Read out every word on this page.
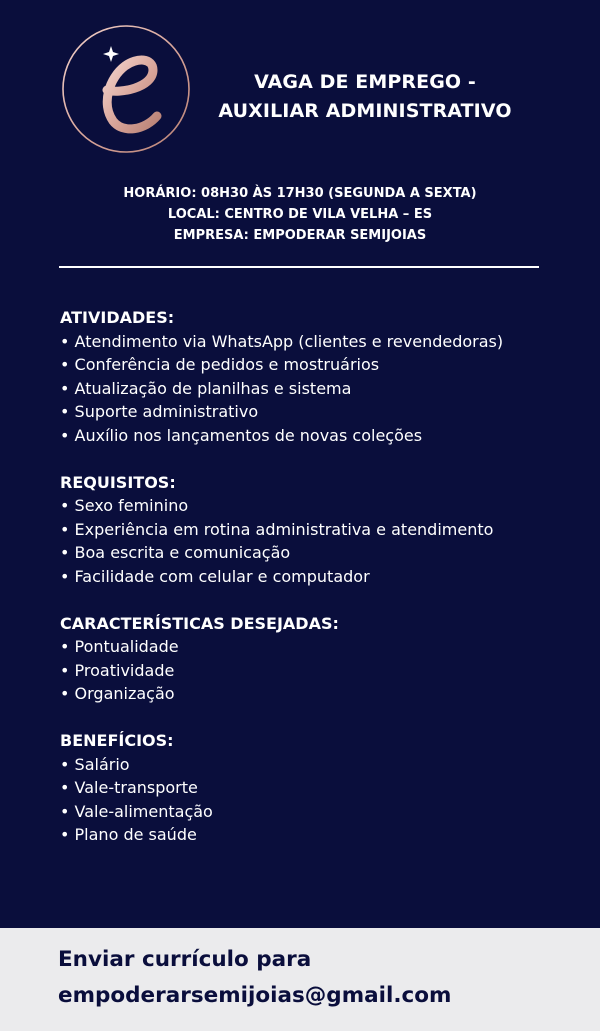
VAGA DE EMPREGO -
AUXILIAR ADMINISTRATIVO
HORÁRIO: 08H30 ÀS 17H30 (SEGUNDA A SEXTA)
LOCAL: CENTRO DE VILA VELHA – ES
EMPRESA: EMPODERAR SEMIJOIAS
ATIVIDADES:
• Atendimento via WhatsApp (clientes e revendedoras)
• Conferência de pedidos e mostruários
• Atualização de planilhas e sistema
• Suporte administrativo
• Auxílio nos lançamentos de novas coleções
REQUISITOS:
• Sexo feminino
• Experiência em rotina administrativa e atendimento
• Boa escrita e comunicação
• Facilidade com celular e computador
CARACTERÍSTICAS DESEJADAS:
• Pontualidade
• Proatividade
• Organização
BENEFÍCIOS:
• Salário
• Vale-transporte
• Vale-alimentação
• Plano de saúde
Enviar currículo para
empoderarsemijoias@gmail.com
